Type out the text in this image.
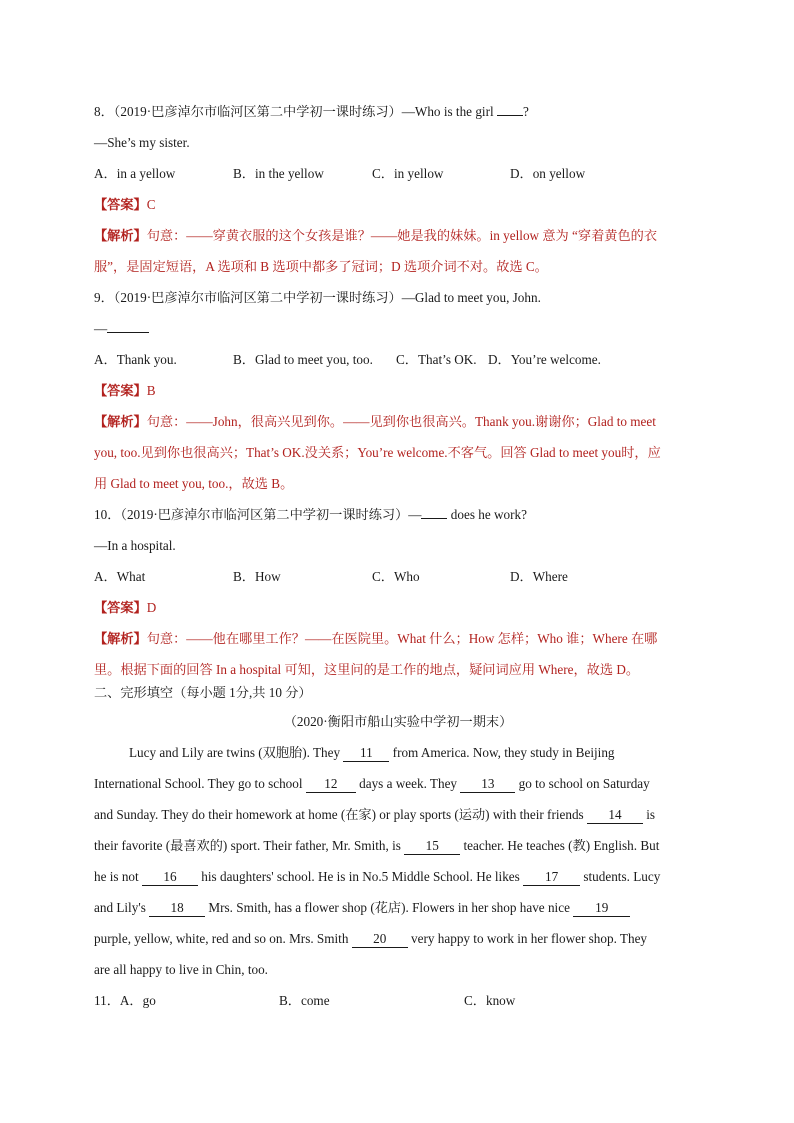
8．（2019·巴彦淖尔市临河区第二中学初一课时练习）—Who is the girl ?
—She’s my sister.
A．in a yellow	B．in the yellow	C．in yellow	D．on yellow
【答案】C
【解析】句意：——穿黄衣服的这个女孩是谁？——她是我的妹妹。in yellow 意为 “穿着黄色的衣
服”，是固定短语，A 选项和 B 选项中都多了冠词；D 选项介词不对。故选 C。
9．（2019·巴彦淖尔市临河区第二中学初一课时练习）—Glad to meet you, John.
—
A．Thank you.	B．Glad to meet you, too.	C．That’s OK. D．You’re welcome.
【答案】B
【解析】句意：——John，很高兴见到你。——见到你也很高兴。Thank you.谢谢你；Glad to meet
you, too.见到你也很高兴；That’s OK.没关系；You’re welcome.不客气。回答 Glad to meet you时，应
用 Glad to meet you, too.，故选 B。
10．（2019·巴彦淖尔市临河区第二中学初一课时练习）— does he work?
—In a hospital.
A．What	B．How	C．Who	D．Where
【答案】D
【解析】句意：——他在哪里工作？——在医院里。What 什么；How 怎样；Who 谁；Where 在哪
里。根据下面的回答 In a hospital 可知，这里问的是工作的地点，疑问词应用 Where，故选 D。
二、完形填空（每小题 1分,共 10 分）
（2020·衡阳市船山实验中学初一期末）
Lucy and Lily are twins (双胞胎). They 11 from America. Now, they study in Beijing
International School. They go to school 12 days a week. They 13 go to school on Saturday
and Sunday. They do their homework at home (在家) or play sports (运动) with their friends 14 is
their favorite (最喜欢的) sport. Their father, Mr. Smith, is 15 teacher. He teaches (教) English. But
he is not 16 his daughters' school. He is in No.5 Middle School. He likes 17 students. Lucy
and Lily's 18 Mrs. Smith, has a flower shop (花店). Flowers in her shop have nice 19
purple, yellow, white, red and so on. Mrs. Smith 20 very happy to work in her flower shop. They
are all happy to live in Chin, too.
11．A．go	B．come	C．know
